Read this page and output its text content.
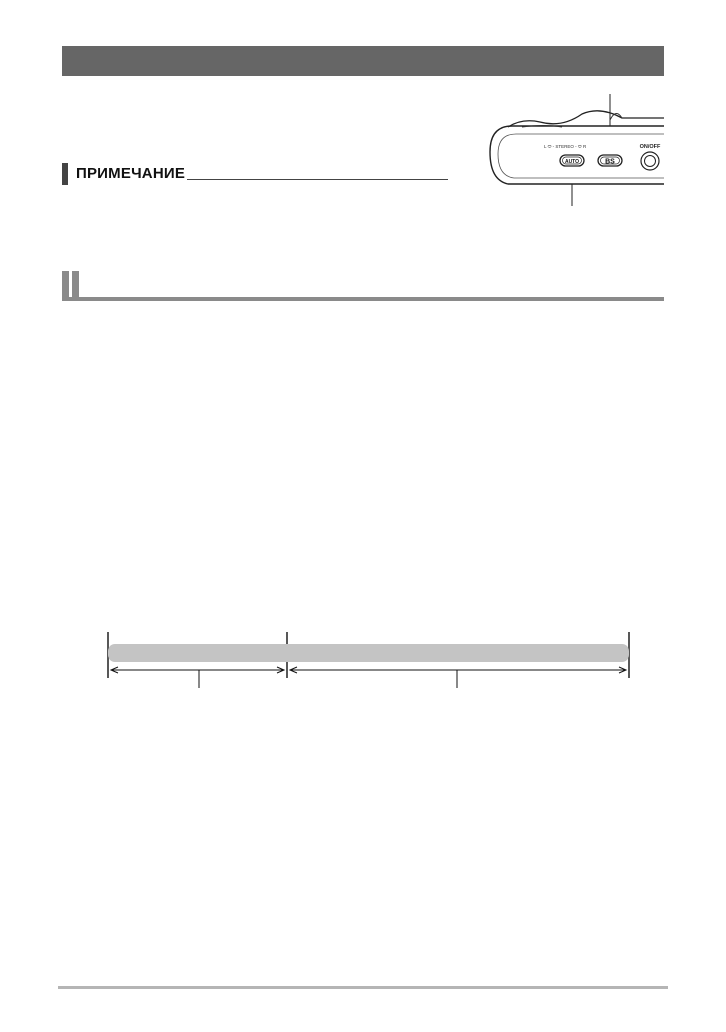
L ⬭ - STEREO - ⬭ R
AUTO	BS
ON/OFF
ПРИМЕЧАНИЕ
